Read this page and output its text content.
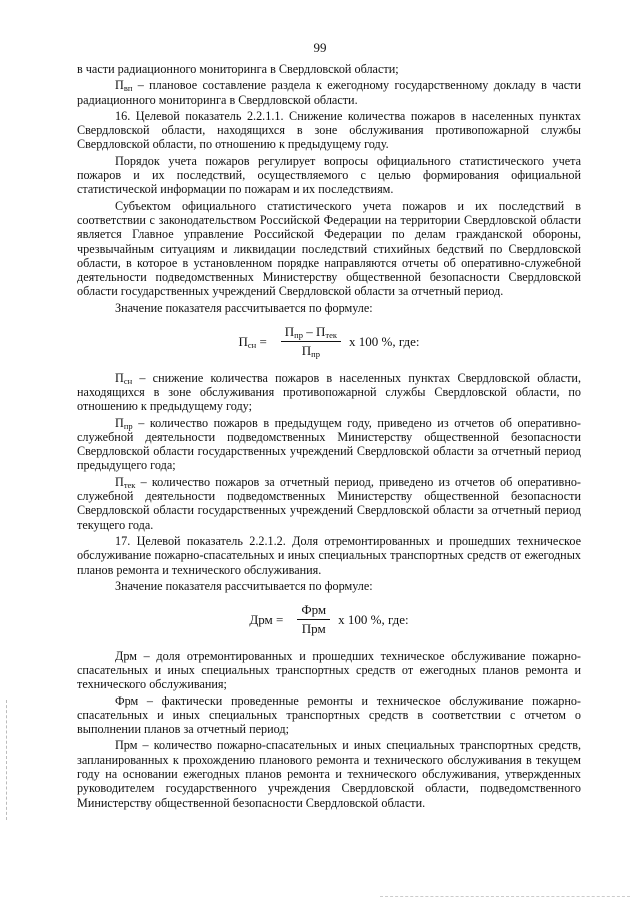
99

в части радиационного мониторинга в Свердловской области;

$П_{вп}$ – плановое составление раздела к ежегодному государственному докладу в части радиационного мониторинга в Свердловской области.

16. Целевой показатель 2.2.1.1. Снижение количества пожаров в населенных пунктах Свердловской области, находящихся в зоне обслуживания противопожарной службы Свердловской области, по отношению к предыдущему году.

Порядок учета пожаров регулирует вопросы официального статистического учета пожаров и их последствий, осуществляемого с целью формирования официальной статистической информации по пожарам и их последствиям.

Субъектом официального статистического учета пожаров и их последствий в соответствии с законодательством Российской Федерации на территории Свердловской области является Главное управление Российской Федерации по делам гражданской обороны, чрезвычайным ситуациям и ликвидации последствий стихийных бедствий по Свердловской области, в которое в установленном порядке направляются отчеты об оперативно-служебной деятельности подведомственных Министерству общественной безопасности Свердловской области государственных учреждений Свердловской области за отчетный период.

Значение показателя рассчитывается по формуле:

$П_{сн} = \frac{П_{пр} - П_{тек}}{П_{пр}}$ x 100 %, где:

$П_{сн}$ – снижение количества пожаров в населенных пунктах Свердловской области, находящихся в зоне обслуживания противопожарной службы Свердловской области, по отношению к предыдущему году;

$П_{пр}$ – количество пожаров в предыдущем году, приведено из отчетов об оперативно-служебной деятельности подведомственных Министерству общественной безопасности Свердловской области государственных учреждений Свердловской области за отчетный период предыдущего года;

$П_{тек}$ – количество пожаров за отчетный период, приведено из отчетов об оперативно-служебной деятельности подведомственных Министерству общественной безопасности Свердловской области государственных учреждений Свердловской области за отчетный период текущего года.

17. Целевой показатель 2.2.1.2. Доля отремонтированных и прошедших техническое обслуживание пожарно-спасательных и иных специальных транспортных средств от ежегодных планов ремонта и технического обслуживания.

Значение показателя рассчитывается по формуле:

Дрм = $\frac{\text{Фрм}}{\text{Прм}}$ x 100 %, где:

Дрм – доля отремонтированных и прошедших техническое обслуживание пожарно-спасательных и иных специальных транспортных средств от ежегодных планов ремонта и технического обслуживания;

Фрм – фактически проведенные ремонты и техническое обслуживание пожарно-спасательных и иных специальных транспортных средств в соответствии с отчетом о выполнении планов за отчетный период;

Прм – количество пожарно-спасательных и иных специальных транспортных средств, запланированных к прохождению планового ремонта и технического обслуживания в текущем году на основании ежегодных планов ремонта и технического обслуживания, утвержденных руководителем государственного учреждения Свердловской области, подведомственного Министерству общественной безопасности Свердловской области.
